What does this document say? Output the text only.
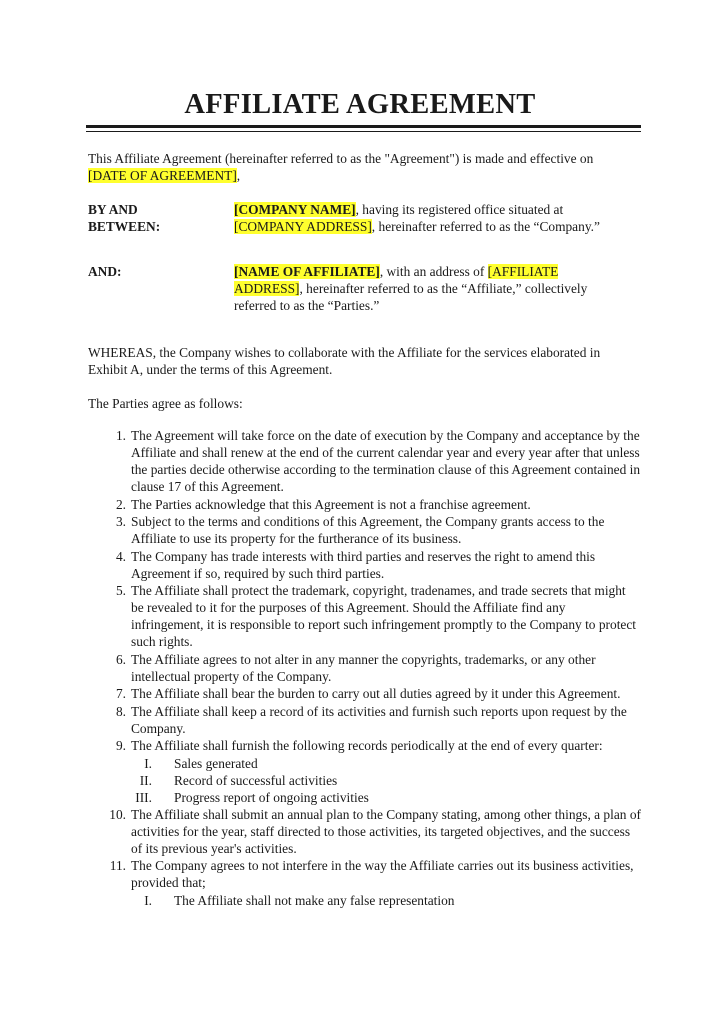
AFFILIATE AGREEMENT
This Affiliate Agreement (hereinafter referred to as the "Agreement") is made and effective on [DATE OF AGREEMENT],
BY AND
BETWEEN:
[COMPANY NAME], having its registered office situated at [COMPANY ADDRESS], hereinafter referred to as the “Company.”
AND:	[NAME OF AFFILIATE], with an address of [AFFILIATE ADDRESS], hereinafter referred to as the “Affiliate,” collectively referred to as the “Parties.”
WHEREAS, the Company wishes to collaborate with the Affiliate for the services elaborated in Exhibit A, under the terms of this Agreement.
The Parties agree as follows:
1. The Agreement will take force on the date of execution by the Company and acceptance by the Affiliate and shall renew at the end of the current calendar year and every year after that unless the parties decide otherwise according to the termination clause of this Agreement contained in clause 17 of this Agreement.
2. The Parties acknowledge that this Agreement is not a franchise agreement.
3. Subject to the terms and conditions of this Agreement, the Company grants access to the Affiliate to use its property for the furtherance of its business.
4. The Company has trade interests with third parties and reserves the right to amend this Agreement if so, required by such third parties.
5. The Affiliate shall protect the trademark, copyright, tradenames, and trade secrets that might be revealed to it for the purposes of this Agreement. Should the Affiliate find any infringement, it is responsible to report such infringement promptly to the Company to protect such rights.
6. The Affiliate agrees to not alter in any manner the copyrights, trademarks, or any other intellectual property of the Company.
7. The Affiliate shall bear the burden to carry out all duties agreed by it under this Agreement.
8. The Affiliate shall keep a record of its activities and furnish such reports upon request by the Company.
9. The Affiliate shall furnish the following records periodically at the end of every quarter:
I. Sales generated
II. Record of successful activities
III. Progress report of ongoing activities
10. The Affiliate shall submit an annual plan to the Company stating, among other things, a plan of activities for the year, staff directed to those activities, its targeted objectives, and the success of its previous year's activities.
11. The Company agrees to not interfere in the way the Affiliate carries out its business activities, provided that;
I. The Affiliate shall not make any false representation
